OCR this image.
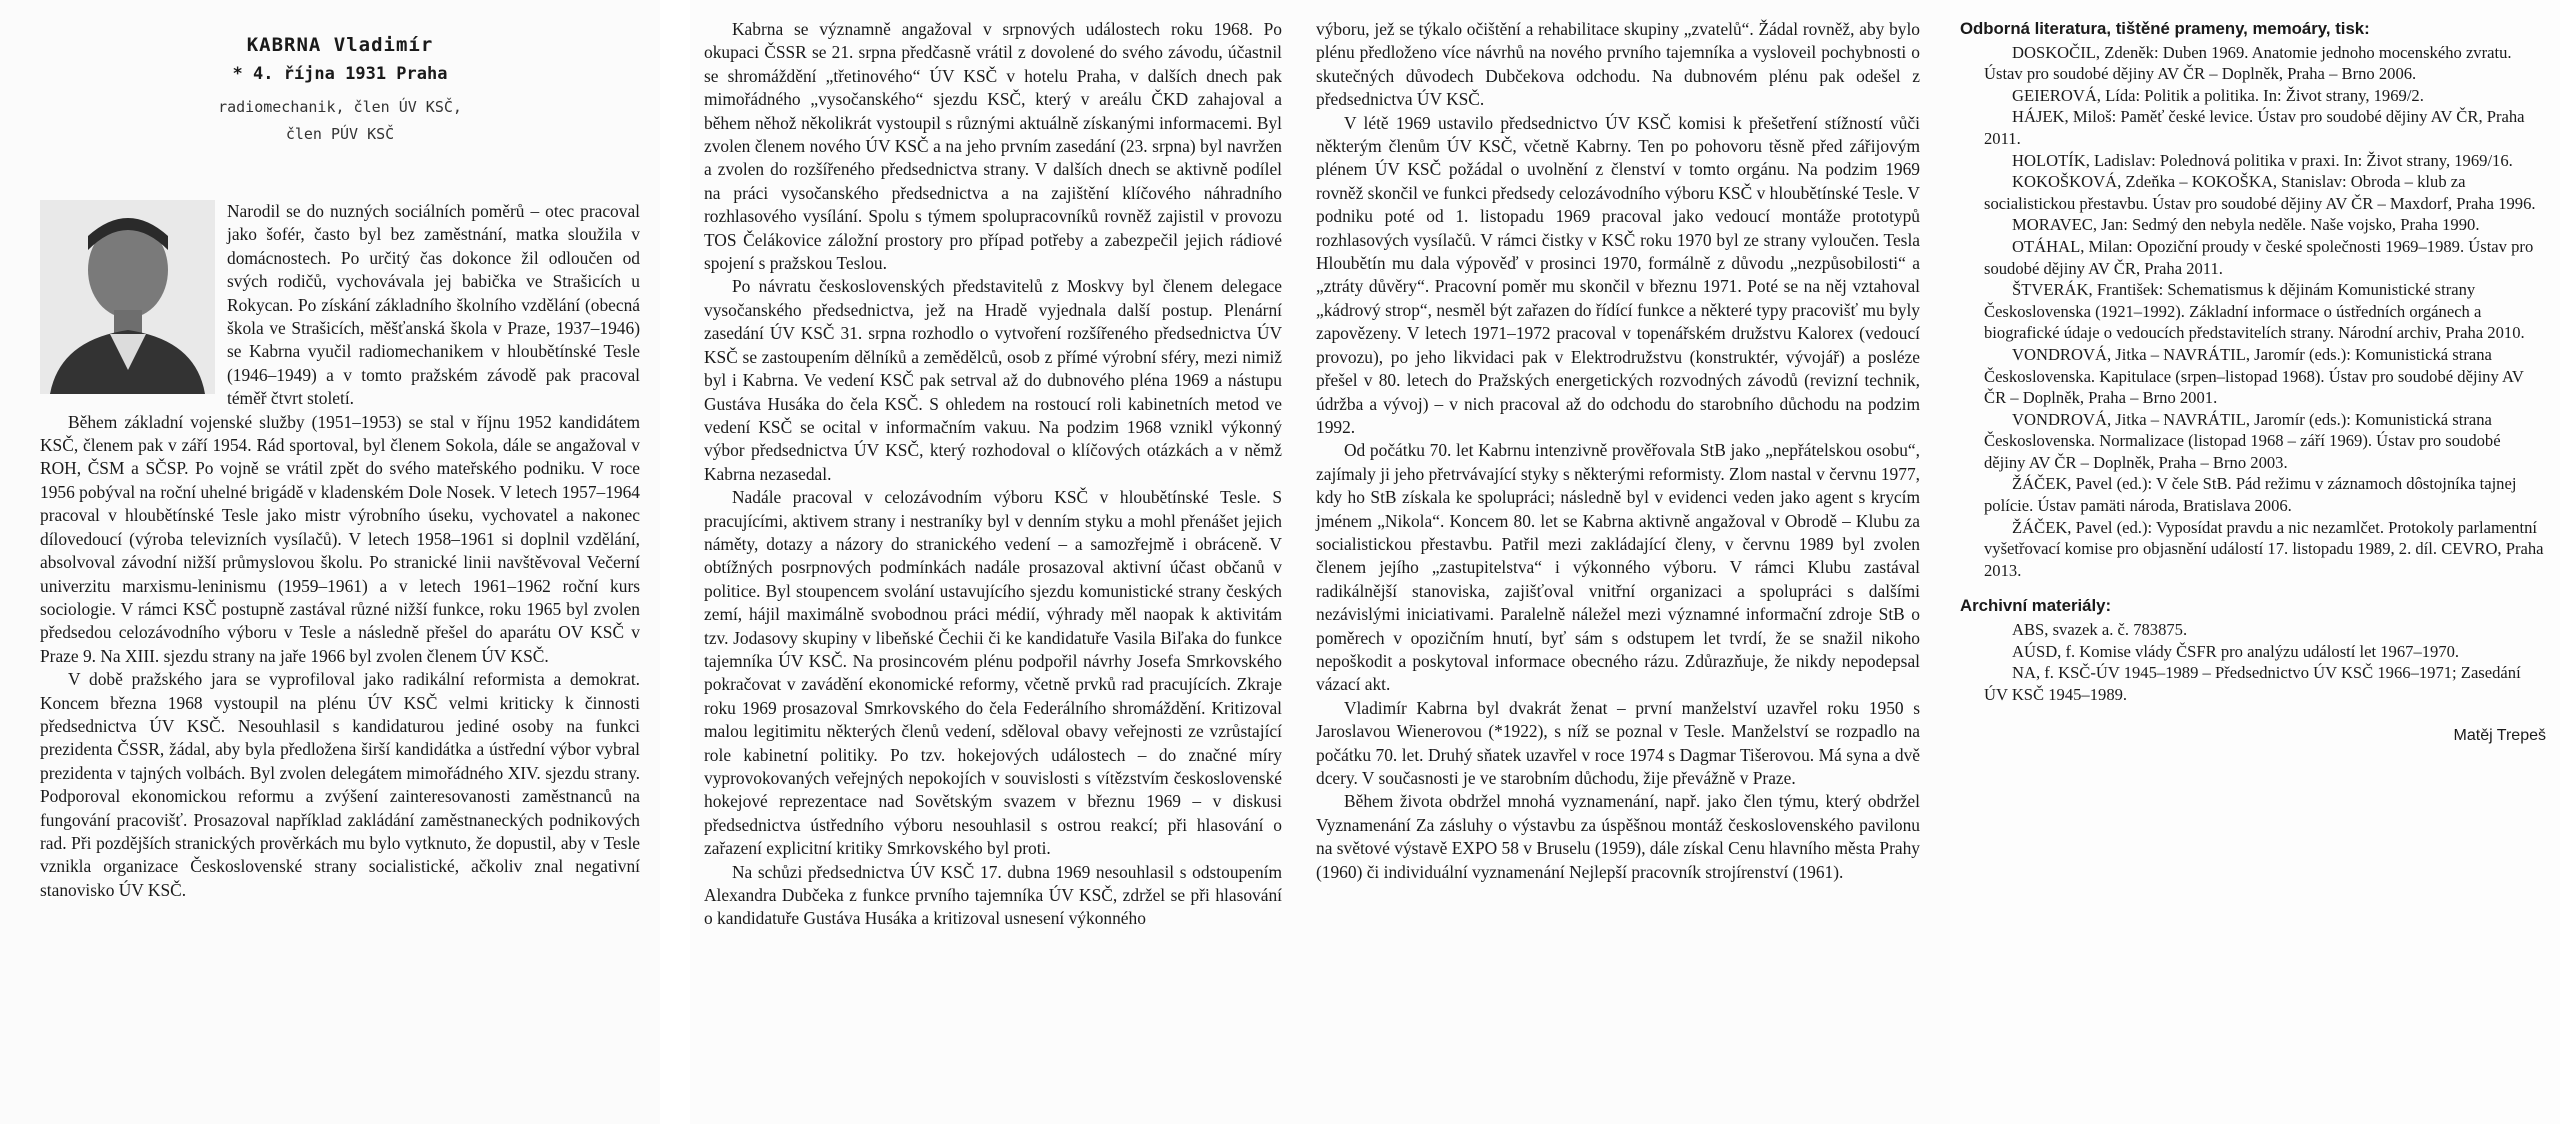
KABRNA Vladimír
* 4. října 1931 Praha
radiomechanik, člen ÚV KSČ,
člen PÚV KSČ

Narodil se do nuzných sociálních poměrů – otec pracoval jako šofér, často byl bez zaměstnání, matka sloužila v domácnostech. Po určitý čas dokonce žil odloučen od svých rodičů, vychovávala jej babička ve Strašicích u Rokycan. Po získání základního školního vzdělání (obecná škola ve Strašicích, měšťanská škola v Praze, 1937–1946) se Kabrna vyučil radiomechanikem v hloubětínské Tesle (1946–1949) a v tomto pražském závodě pak pracoval téměř čtvrt století.

Během základní vojenské služby (1951–1953) se stal v říjnu 1952 kandidátem KSČ, členem pak v září 1954. Rád sportoval, byl členem Sokola, dále se angažoval v ROH, ČSM a SČSP. Po vojně se vrátil zpět do svého mateřského podniku. V roce 1956 pobýval na roční uhelné brigádě v kladenském Dole Nosek. V letech 1957–1964 pracoval v hloubětínské Tesle jako mistr výrobního úseku, vychovatel a nakonec dílovedoucí (výroba televizních vysílačů). V letech 1958–1961 si doplnil vzdělání, absolvoval závodní nižší průmyslovou školu. Po stranické linii navštěvoval Večerní univerzitu marxismu-leninismu (1959–1961) a v letech 1961–1962 roční kurs sociologie. V rámci KSČ postupně zastával různé nižší funkce, roku 1965 byl zvolen předsedou celozávodního výboru v Tesle a následně přešel do aparátu OV KSČ v Praze 9. Na XIII. sjezdu strany na jaře 1966 byl zvolen členem ÚV KSČ.

V době pražského jara se vyprofiloval jako radikální reformista a demokrat. Koncem března 1968 vystoupil na plénu ÚV KSČ velmi kriticky k činnosti předsednictva ÚV KSČ. Nesouhlasil s kandidaturou jediné osoby na funkci prezidenta ČSSR, žádal, aby byla předložena širší kandidátka a ústřední výbor vybral prezidenta v tajných volbách. Byl zvolen delegátem mimořádného XIV. sjezdu strany. Podporoval ekonomickou reformu a zvýšení zainteresovanosti zaměstnanců na fungování pracovišť. Prosazoval například zakládání zaměstnaneckých podnikových rad. Při pozdějších stranických prověrkách mu bylo vytknuto, že dopustil, aby v Tesle vznikla organizace Československé strany socialistické, ačkoliv znal negativní stanovisko ÚV KSČ.

Kabrna se významně angažoval v srpnových událostech roku 1968. Po okupaci ČSSR se 21. srpna předčasně vrátil z dovolené do svého závodu, účastnil se shromáždění „třetinového“ ÚV KSČ v hotelu Praha, v dalších dnech pak mimořádného „vysočanského“ sjezdu KSČ, který v areálu ČKD zahajoval a během něhož několikrát vystoupil s různými aktuálně získanými informacemi. Byl zvolen členem nového ÚV KSČ a na jeho prvním zasedání (23. srpna) byl navržen a zvolen do rozšířeného předsednictva strany. V dalších dnech se aktivně podílel na práci vysočanského předsednictva a na zajištění klíčového náhradního rozhlasového vysílání. Spolu s týmem spolupracovníků rovněž zajistil v provozu TOS Čelákovice záložní prostory pro případ potřeby a zabezpečil jejich rádiové spojení s pražskou Teslou.

Po návratu československých představitelů z Moskvy byl členem delegace vysočanského předsednictva, jež na Hradě vyjednala další postup. Plenární zasedání ÚV KSČ 31. srpna rozhodlo o vytvoření rozšířeného předsednictva ÚV KSČ se zastoupením dělníků a zemědělců, osob z přímé výrobní sféry, mezi nimiž byl i Kabrna. Ve vedení KSČ pak setrval až do dubnového pléna 1969 a nástupu Gustáva Husáka do čela KSČ. S ohledem na rostoucí roli kabinetních metod ve vedení KSČ se ocital v informačním vakuu. Na podzim 1968 vznikl výkonný výbor předsednictva ÚV KSČ, který rozhodoval o klíčových otázkách a v němž Kabrna nezasedal.

Nadále pracoval v celozávodním výboru KSČ v hloubětínské Tesle. S pracujícími, aktivem strany i nestraníky byl v denním styku a mohl přenášet jejich náměty, dotazy a názory do stranického vedení – a samozřejmě i obráceně. V obtížných posrpnových podmínkách nadále prosazoval aktivní účast občanů v politice. Byl stoupencem svolání ustavujícího sjezdu komunistické strany českých zemí, hájil maximálně svobodnou práci médií, výhrady měl naopak k aktivitám tzv. Jodasovy skupiny v libeňské Čechii či ke kandidatuře Vasila Biľaka do funkce tajemníka ÚV KSČ. Na prosincovém plénu podpořil návrhy Josefa Smrkovského pokračovat v zavádění ekonomické reformy, včetně prvků rad pracujících. Zkraje roku 1969 prosazoval Smrkovského do čela Federálního shromáždění. Kritizoval malou legitimitu některých členů vedení, sděloval obavy veřejnosti ze vzrůstající role kabinetní politiky. Po tzv. hokejových událostech – do značné míry vyprovokovaných veřejných nepokojích v souvislosti s vítězstvím československé hokejové reprezentace nad Sovětským svazem v březnu 1969 – v diskusi předsednictva ústředního výboru nesouhlasil s ostrou reakcí; při hlasování o zařazení explicitní kritiky Smrkovského byl proti.

Na schůzi předsednictva ÚV KSČ 17. dubna 1969 nesouhlasil s odstoupením Alexandra Dubčeka z funkce prvního tajemníka ÚV KSČ, zdržel se při hlasování o kandidatuře Gustáva Husáka a kritizoval usnesení výkonného

výboru, jež se týkalo očištění a rehabilitace skupiny „zvatelů“. Žádal rovněž, aby bylo plénu předloženo více návrhů na nového prvního tajemníka a vysloveil pochybnosti o skutečných důvodech Dubčekova odchodu. Na dubnovém plénu pak odešel z předsednictva ÚV KSČ.

V létě 1969 ustavilo předsednictvo ÚV KSČ komisi k přešetření stížností vůči některým členům ÚV KSČ, včetně Kabrny. Ten po pohovoru těsně před zářijovým plénem ÚV KSČ požádal o uvolnění z členství v tomto orgánu. Na podzim 1969 rovněž skončil ve funkci předsedy celozávodního výboru KSČ v hloubětínské Tesle. V podniku poté od 1. listopadu 1969 pracoval jako vedoucí montáže prototypů rozhlasových vysílačů. V rámci čistky v KSČ roku 1970 byl ze strany vyloučen. Tesla Hloubětín mu dala výpověď v prosinci 1970, formálně z důvodu „nezpůsobilosti“ a „ztráty důvěry“. Pracovní poměr mu skončil v březnu 1971. Poté se na něj vztahoval „kádrový strop“, nesměl být zařazen do řídící funkce a některé typy pracovišť mu byly zapovězeny. V letech 1971–1972 pracoval v topenářském družstvu Kalorex (vedoucí provozu), po jeho likvidaci pak v Elektrodružstvu (konstruktér, vývojář) a posléze přešel v 80. letech do Pražských energetických rozvodných závodů (revizní technik, údržba a vývoj) – v nich pracoval až do odchodu do starobního důchodu na podzim 1992.

Od počátku 70. let Kabrnu intenzivně prověřovala StB jako „nepřátelskou osobu“, zajímaly ji jeho přetrvávající styky s některými reformisty. Zlom nastal v červnu 1977, kdy ho StB získala ke spolupráci; následně byl v evidenci veden jako agent s krycím jménem „Nikola“. Koncem 80. let se Kabrna aktivně angažoval v Obrodě – Klubu za socialistickou přestavbu. Patřil mezi zakládající členy, v červnu 1989 byl zvolen členem jejího „zastupitelstva“ i výkonného výboru. V rámci Klubu zastával radikálnější stanoviska, zajišťoval vnitřní organizaci a spolupráci s dalšími nezávislými iniciativami. Paralelně náležel mezi významné informační zdroje StB o poměrech v opozičním hnutí, byť sám s odstupem let tvrdí, že se snažil nikoho nepoškodit a poskytoval informace obecného rázu. Zdůrazňuje, že nikdy nepodepsal vázací akt.

Vladimír Kabrna byl dvakrát ženat – první manželství uzavřel roku 1950 s Jaroslavou Wienerovou (*1922), s níž se poznal v Tesle. Manželství se rozpadlo na počátku 70. let. Druhý sňatek uzavřel v roce 1974 s Dagmar Tišerovou. Má syna a dvě dcery. V současnosti je ve starobním důchodu, žije převážně v Praze.

Během života obdržel mnohá vyznamenání, např. jako člen týmu, který obdržel Vyznamenání Za zásluhy o výstavbu za úspěšnou montáž československého pavilonu na světové výstavě EXPO 58 v Bruselu (1959), dále získal Cenu hlavního města Prahy (1960) či individuální vyznamenání Nejlepší pracovník strojírenství (1961).

Odborná literatura, tištěné prameny, memoáry, tisk:

DOSKOČIL, Zdeněk: Duben 1969. Anatomie jednoho mocenského zvratu. Ústav pro soudobé dějiny AV ČR – Doplněk, Praha – Brno 2006.

GEIEROVÁ, Lída: Politik a politika. In: Život strany, 1969/2.

HÁJEK, Miloš: Paměť české levice. Ústav pro soudobé dějiny AV ČR, Praha 2011.

HOLOTÍK, Ladislav: Polednová politika v praxi. In: Život strany, 1969/16.

KOKOŠKOVÁ, Zdeňka – KOKOŠKA, Stanislav: Obroda – klub za socialistickou přestavbu. Ústav pro soudobé dějiny AV ČR – Maxdorf, Praha 1996.

MORAVEC, Jan: Sedmý den nebyla neděle. Naše vojsko, Praha 1990.

OTÁHAL, Milan: Opoziční proudy v české společnosti 1969–1989. Ústav pro soudobé dějiny AV ČR, Praha 2011.

ŠTVERÁK, František: Schematismus k dějinám Komunistické strany Československa (1921–1992). Základní informace o ústředních orgánech a biografické údaje o vedoucích představitelích strany. Národní archiv, Praha 2010.

VONDROVÁ, Jitka – NAVRÁTIL, Jaromír (eds.): Komunistická strana Československa. Kapitulace (srpen–listopad 1968). Ústav pro soudobé dějiny AV ČR – Doplněk, Praha – Brno 2001.

VONDROVÁ, Jitka – NAVRÁTIL, Jaromír (eds.): Komunistická strana Československa. Normalizace (listopad 1968 – září 1969). Ústav pro soudobé dějiny AV ČR – Doplněk, Praha – Brno 2003.

ŽÁČEK, Pavel (ed.): V čele StB. Pád režimu v záznamoch dôstojníka tajnej polície. Ústav pamäti národa, Bratislava 2006.

ŽÁČEK, Pavel (ed.): Vyposídat pravdu a nic nezamlčet. Protokoly parlamentní vyšetřovací komise pro objasnění událostí 17. listopadu 1989, 2. díl. CEVRO, Praha 2013.

Archivní materiály:

ABS, svazek a. č. 783875.

AÚSD, f. Komise vlády ČSFR pro analýzu událostí let 1967–1970.

NA, f. KSČ-ÚV 1945–1989 – Předsednictvo ÚV KSČ 1966–1971; Zasedání ÚV KSČ 1945–1989.

Matěj Trepeš
